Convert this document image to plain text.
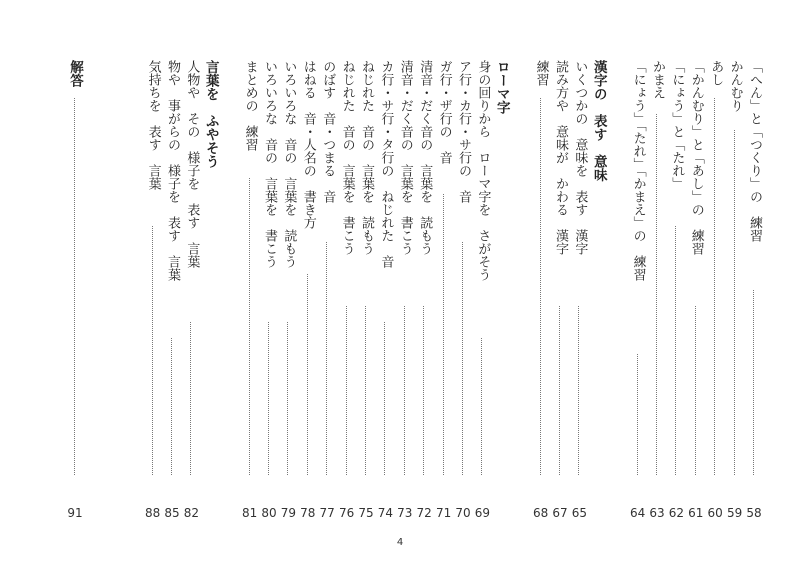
「へん」と「つくり」の　練習
58
かんむり
59
あし
60
「かんむり」と「あし」の　練習
61
「にょう」と「たれ」
62
かまえ
63
「にょう」「たれ」「かまえ」の　練習
64
漢字の　表す　意味
いくつかの　意味を　表す　漢字
65
読み方や　意味が　かわる　漢字
67
練習
68
ローマ字
身の回りから　ローマ字を　さがそう
69
ア行・カ行・サ行の　音
70
ガ行・ザ行の　音
71
清音・だく音の　言葉を　読もう
72
清音・だく音の　言葉を　書こう
73
カ行・サ行・タ行の　ねじれた　音
74
ねじれた　音の　言葉を　読もう
75
ねじれた　音の　言葉を　書こう
76
のばす　音・つまる　音
77
はねる　音・人名の　書き方
78
いろいろな　音の　言葉を　読もう
79
いろいろな　音の　言葉を　書こう
80
まとめの　練習
81
言葉を　ふやそう
人物や　その　様子を　表す　言葉
82
物や　事がらの　様子を　表す　言葉
85
気持ちを　表す　言葉
88
解答
91
4
